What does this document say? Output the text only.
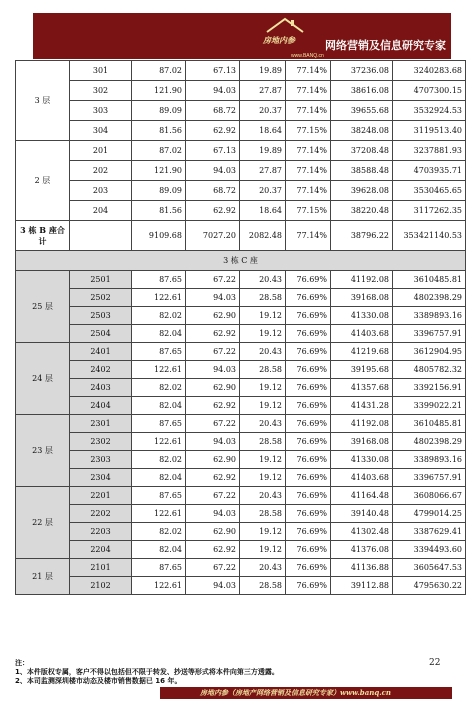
房地内参
www.BANQ.cn
网络营销及信息研究专家
3 层	301	87.02	67.13	19.89	77.14%	37236.08	3240283.68
	302	121.90	94.03	27.87	77.14%	38616.08	4707300.15
	303	89.09	68.72	20.37	77.14%	39655.68	3532924.53
	304	81.56	62.92	18.64	77.15%	38248.08	3119513.40
2 层	201	87.02	67.13	19.89	77.14%	37208.48	3237881.93
	202	121.90	94.03	27.87	77.14%	38588.48	4703935.71
	203	89.09	68.72	20.37	77.14%	39628.08	3530465.65
	204	81.56	62.92	18.64	77.15%	38220.48	3117262.35
3 栋 B 座合计		9109.68	7027.20	2082.48	77.14%	38796.22	353421140.53
3 栋 C 座							
25 层	2501	87.65	67.22	20.43	76.69%	41192.08	3610485.81
	2502	122.61	94.03	28.58	76.69%	39168.08	4802398.29
	2503	82.02	62.90	19.12	76.69%	41330.08	3389893.16
	2504	82.04	62.92	19.12	76.69%	41403.68	3396757.91
24 层	2401	87.65	67.22	20.43	76.69%	41219.68	3612904.95
	2402	122.61	94.03	28.58	76.69%	39195.68	4805782.32
	2403	82.02	62.90	19.12	76.69%	41357.68	3392156.91
	2404	82.04	62.92	19.12	76.69%	41431.28	3399022.21
23 层	2301	87.65	67.22	20.43	76.69%	41192.08	3610485.81
	2302	122.61	94.03	28.58	76.69%	39168.08	4802398.29
	2303	82.02	62.90	19.12	76.69%	41330.08	3389893.16
	2304	82.04	62.92	19.12	76.69%	41403.68	3396757.91
22 层	2201	87.65	67.22	20.43	76.69%	41164.48	3608066.67
	2202	122.61	94.03	28.58	76.69%	39140.48	4799014.25
	2203	82.02	62.90	19.12	76.69%	41302.48	3387629.41
	2204	82.04	62.92	19.12	76.69%	41376.08	3394493.60
21 层	2101	87.65	67.22	20.43	76.69%	41136.88	3605647.53
	2102	122.61	94.03	28.58	76.69%	39112.88	4795630.22
注：
1、本件版权专属，客户不得以包括但不限于转发、抄送等形式将本件向第三方透露。
2、本司监测深圳楼市动态及楼市销售数据已 16 年。
22
房地内参（房地产网络营销及信息研究专家）www.banq.cn
